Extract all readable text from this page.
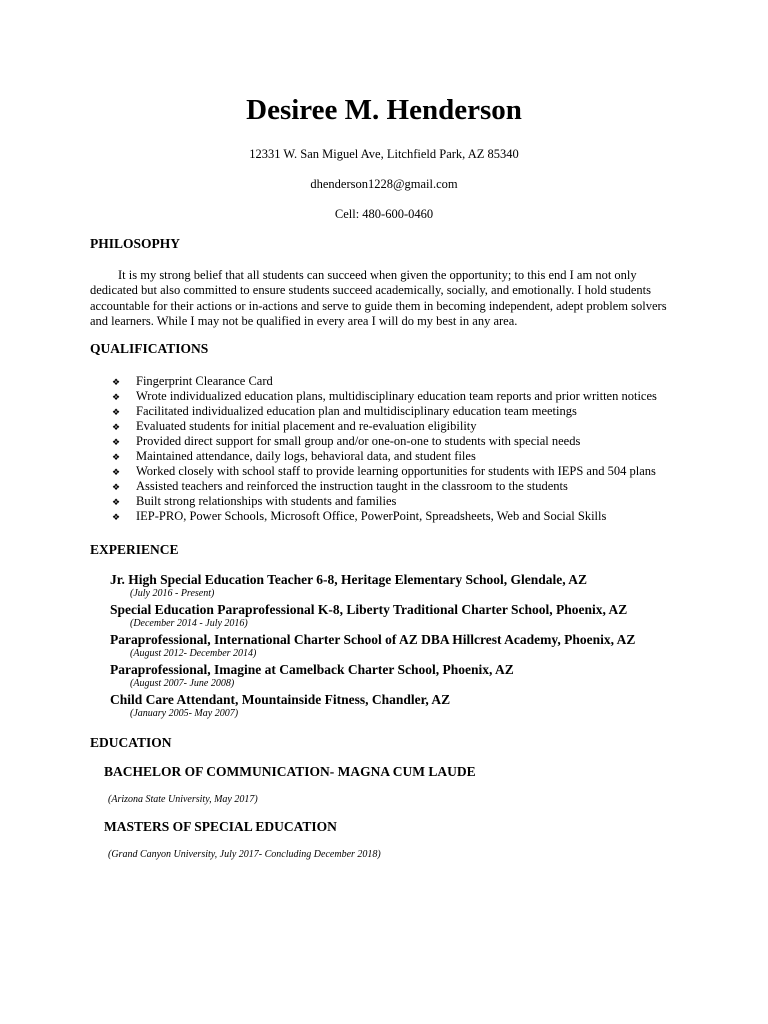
Desiree M. Henderson

12331 W. San Miguel Ave, Litchfield Park, AZ 85340

dhenderson1228@gmail.com

Cell: 480-600-0460

PHILOSOPHY

It is my strong belief that all students can succeed when given the opportunity; to this end I am not only dedicated but also committed to ensure students succeed academically, socially, and emotionally. I hold students accountable for their actions or in-actions and serve to guide them in becoming independent, adept problem solvers and learners. While I may not be qualified in every area I will do my best in any area.

QUALIFICATIONS
❖	Fingerprint Clearance Card
❖	Wrote individualized education plans, multidisciplinary education team reports and prior written notices
❖	Facilitated individualized education plan and multidisciplinary education team meetings
❖	Evaluated students for initial placement and re-evaluation eligibility
❖	Provided direct support for small group and/or one-on-one to students with special needs
❖	Maintained attendance, daily logs, behavioral data, and student files
❖	Worked closely with school staff to provide learning opportunities for students with IEPS and 504 plans
❖	Assisted teachers and reinforced the instruction taught in the classroom to the students
❖	Built strong relationships with students and families
❖	IEP-PRO, Power Schools, Microsoft Office, PowerPoint, Spreadsheets, Web and Social Skills
EXPERIENCE

Jr. High Special Education Teacher 6-8, Heritage Elementary School, Glendale, AZ

(July 2016 - Present)

Special Education Paraprofessional K-8, Liberty Traditional Charter School, Phoenix, AZ

(December 2014 - July 2016)

Paraprofessional, International Charter School of AZ DBA Hillcrest Academy, Phoenix, AZ

(August 2012- December 2014)

Paraprofessional, Imagine at Camelback Charter School, Phoenix, AZ

(August 2007- June 2008)

Child Care Attendant, Mountainside Fitness, Chandler, AZ

(January 2005- May 2007)

EDUCATION

BACHELOR OF COMMUNICATION- MAGNA CUM LAUDE

(Arizona State University, May 2017)

MASTERS OF SPECIAL EDUCATION

(Grand Canyon University, July 2017- Concluding December 2018)
